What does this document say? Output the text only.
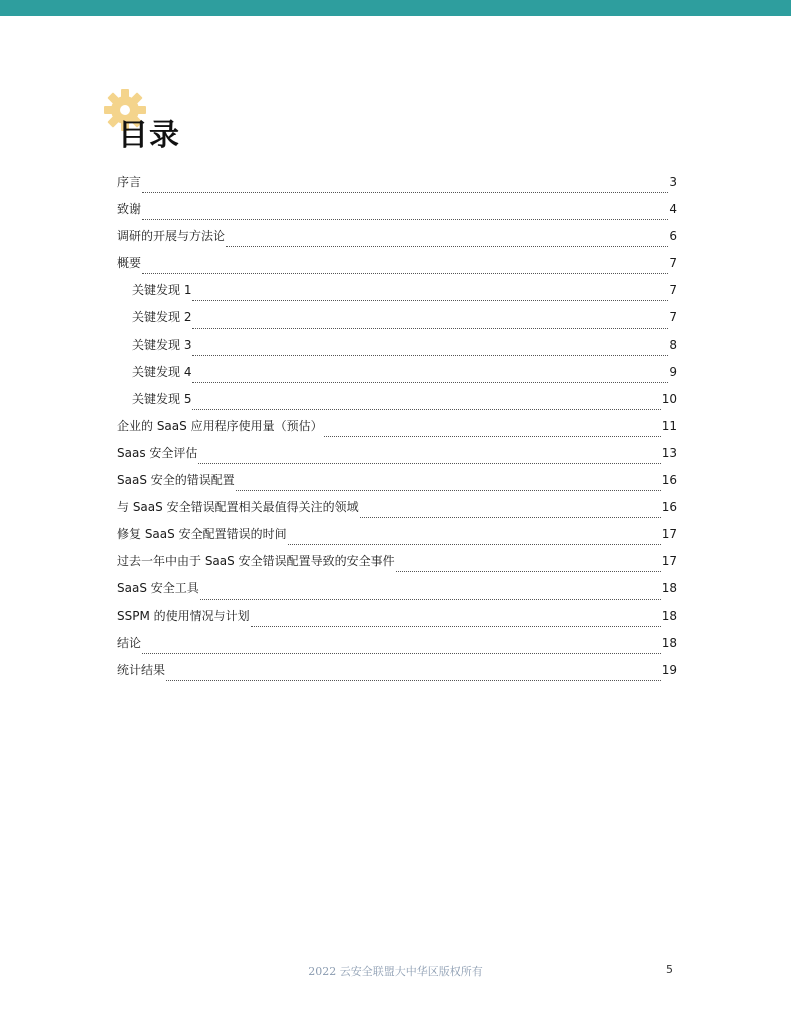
目录
序言	3
致谢	4
调研的开展与方法论	6
概要	7
关键发现 1	7
关键发现 2	7
关键发现 3	8
关键发现 4	9
关键发现 5	10
企业的 SaaS 应用程序使用量（预估）	11
Saas 安全评估	13
SaaS 安全的错误配置	16
与 SaaS 安全错误配置相关最值得关注的领域	16
修复 SaaS 安全配置错误的时间	17
过去一年中由于 SaaS 安全错误配置导致的安全事件	17
SaaS 安全工具	18
SSPM 的使用情况与计划	18
结论	18
统计结果	19
2022 云安全联盟大中华区版权所有	5
